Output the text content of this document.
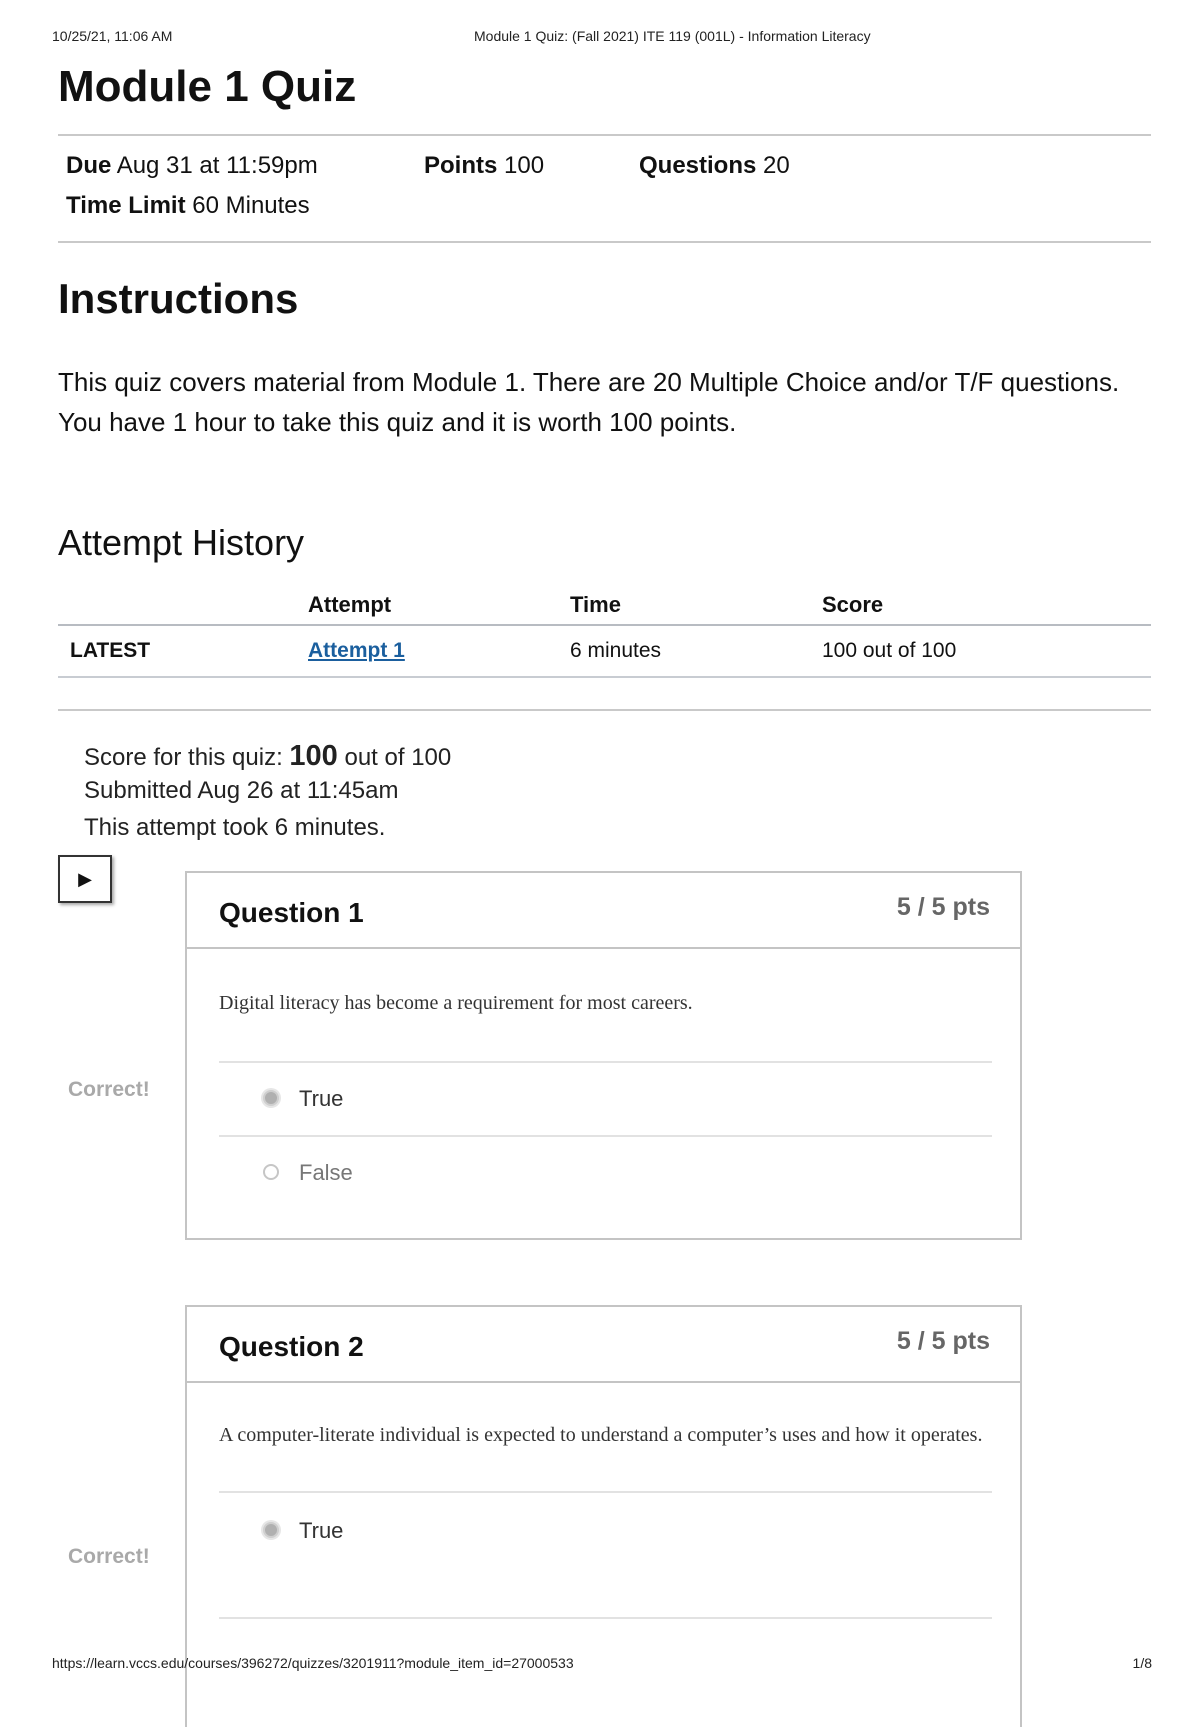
10/25/21, 11:06 AM	Module 1 Quiz: (Fall 2021) ITE 119 (001L) - Information Literacy
Module 1 Quiz
Due Aug 31 at 11:59pm	Points 100	Questions 20
Time Limit 60 Minutes
Instructions

This quiz covers material from Module 1. There are 20 Multiple Choice and/or T/F questions. You have 1 hour to take this quiz and it is worth 100 points.

Attempt History
	Attempt	Time	Score
LATEST	Attempt 1	6 minutes	100 out of 100
Score for this quiz: 100 out of 100
Submitted Aug 26 at 11:45am
This attempt took 6 minutes.
▶
Question 1	5 / 5 pts

Digital literacy has become a requirement for most careers.

True
False
Correct!
Question 2	5 / 5 pts

A computer-literate individual is expected to understand a computer’s uses and how it operates.

True
Correct!
https://learn.vccs.edu/courses/396272/quizzes/3201911?module_item_id=27000533	1/8
